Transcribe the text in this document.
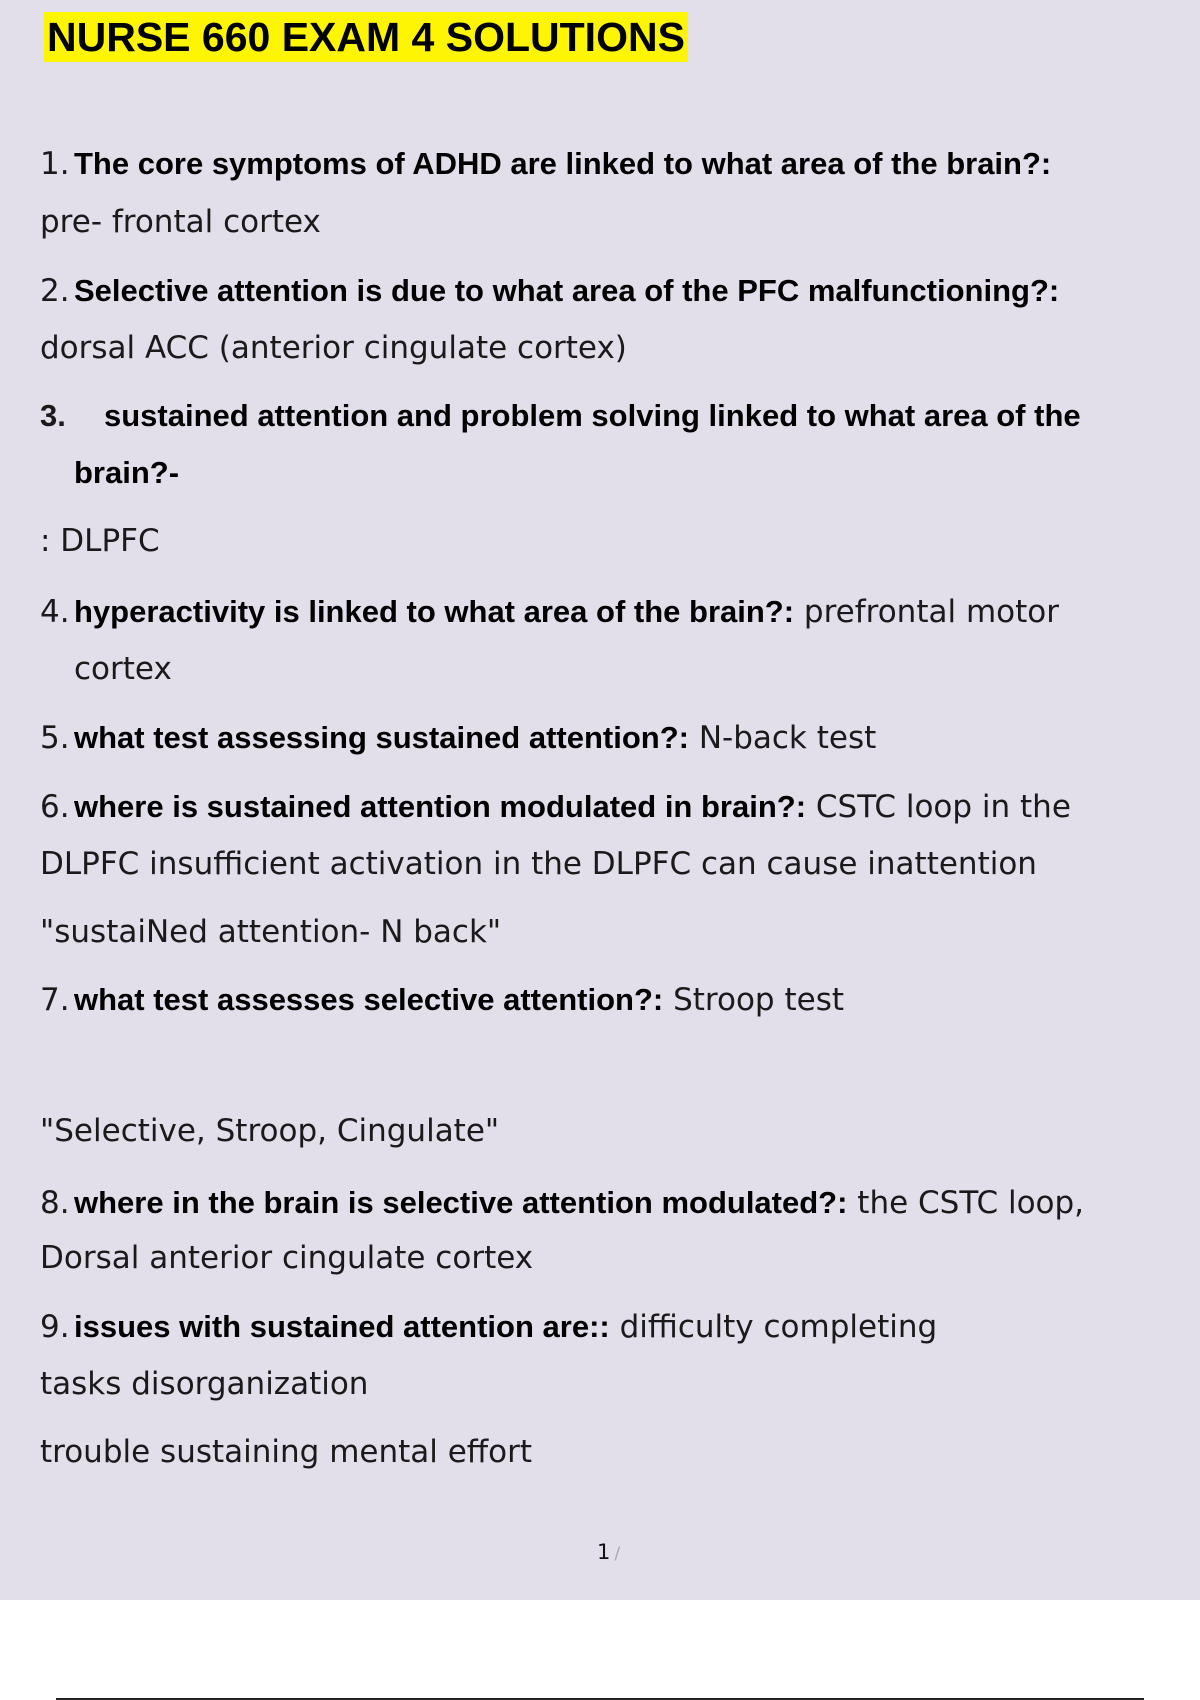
NURSE 660 EXAM 4 SOLUTIONS
1. The core symptoms of ADHD are linked to what area of the brain?:
pre- frontal cortex
2. Selective attention is due to what area of the PFC malfunctioning?:
dorsal ACC (anterior cingulate cortex)
3. sustained attention and problem solving linked to what area of the
brain?-
: DLPFC
4. hyperactivity is linked to what area of the brain?: prefrontal motor
cortex
5. what test assessing sustained attention?: N-back test
6. where is sustained attention modulated in brain?: CSTC loop in the
DLPFC insufficient activation in the DLPFC can cause inattention
"sustaiNed attention- N back"
7. what test assesses selective attention?: Stroop test
"Selective, Stroop, Cingulate"
8. where in the brain is selective attention modulated?: the CSTC loop,
Dorsal anterior cingulate cortex
9. issues with sustained attention are:: difficulty completing
tasks disorganization
trouble sustaining mental effort
1 /
